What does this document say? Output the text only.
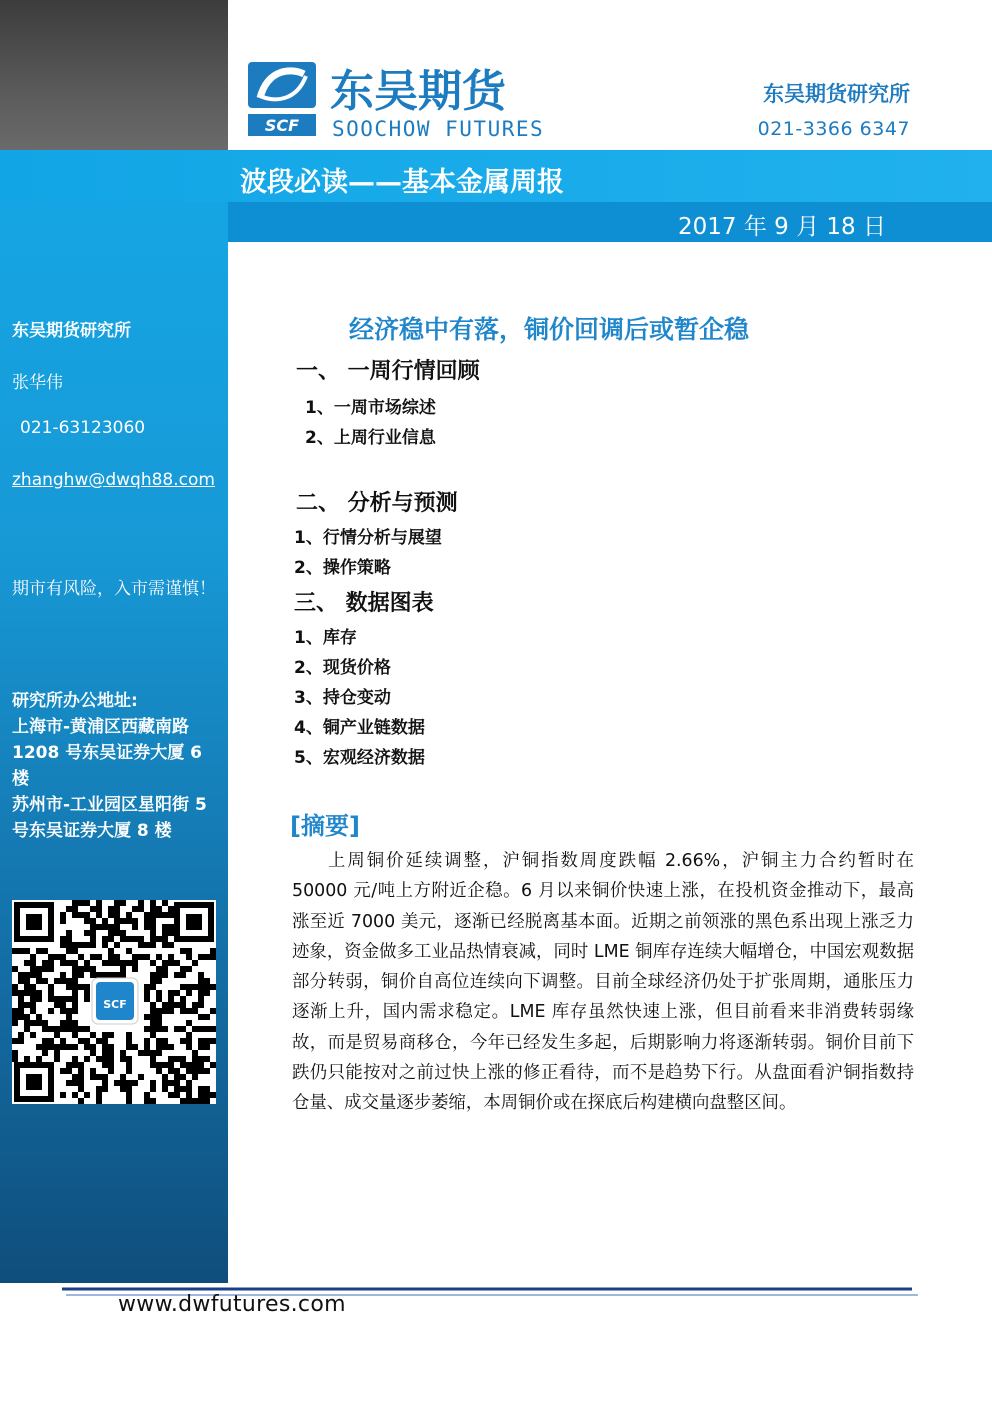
东吴期货研究所
张华伟
021-63123060
zhanghw@dwqh88.com
期市有风险，入市需谨慎！
研究所办公地址:
上海市-黄浦区西藏南路 1208 号东吴证券大厦 6 楼
苏州市-工业园区星阳街 5 号东吴证券大厦 8 楼
SCF
波段必读——基本金属周报
2017 年 9 月 18 日
SCF
东吴期货
SOOCHOW FUTURES
东吴期货研究所
021-3366 6347
经济稳中有落，铜价回调后或暂企稳
一、 一周行情回顾
1、一周市场综述
2、上周行业信息
二、 分析与预测
1、行情分析与展望
2、操作策略
三、 数据图表
1、库存
2、现货价格
3、持仓变动
4、铜产业链数据
5、宏观经济数据
[摘要]
上周铜价延续调整，沪铜指数周度跌幅 2.66%，沪铜主力合约暂时在 50000 元/吨上方附近企稳。6 月以来铜价快速上涨，在投机资金推动下，最高涨至近 7000 美元，逐渐已经脱离基本面。近期之前领涨的黑色系出现上涨乏力迹象，资金做多工业品热情衰减，同时 LME 铜库存连续大幅增仓，中国宏观数据部分转弱，铜价自高位连续向下调整。目前全球经济仍处于扩张周期，通胀压力逐渐上升，国内需求稳定。LME 库存虽然快速上涨，但目前看来非消费转弱缘故，而是贸易商移仓，今年已经发生多起，后期影响力将逐渐转弱。铜价目前下跌仍只能按对之前过快上涨的修正看待，而不是趋势下行。从盘面看沪铜指数持仓量、成交量逐步萎缩，本周铜价或在探底后构建横向盘整区间。
www.dwfutures.com
